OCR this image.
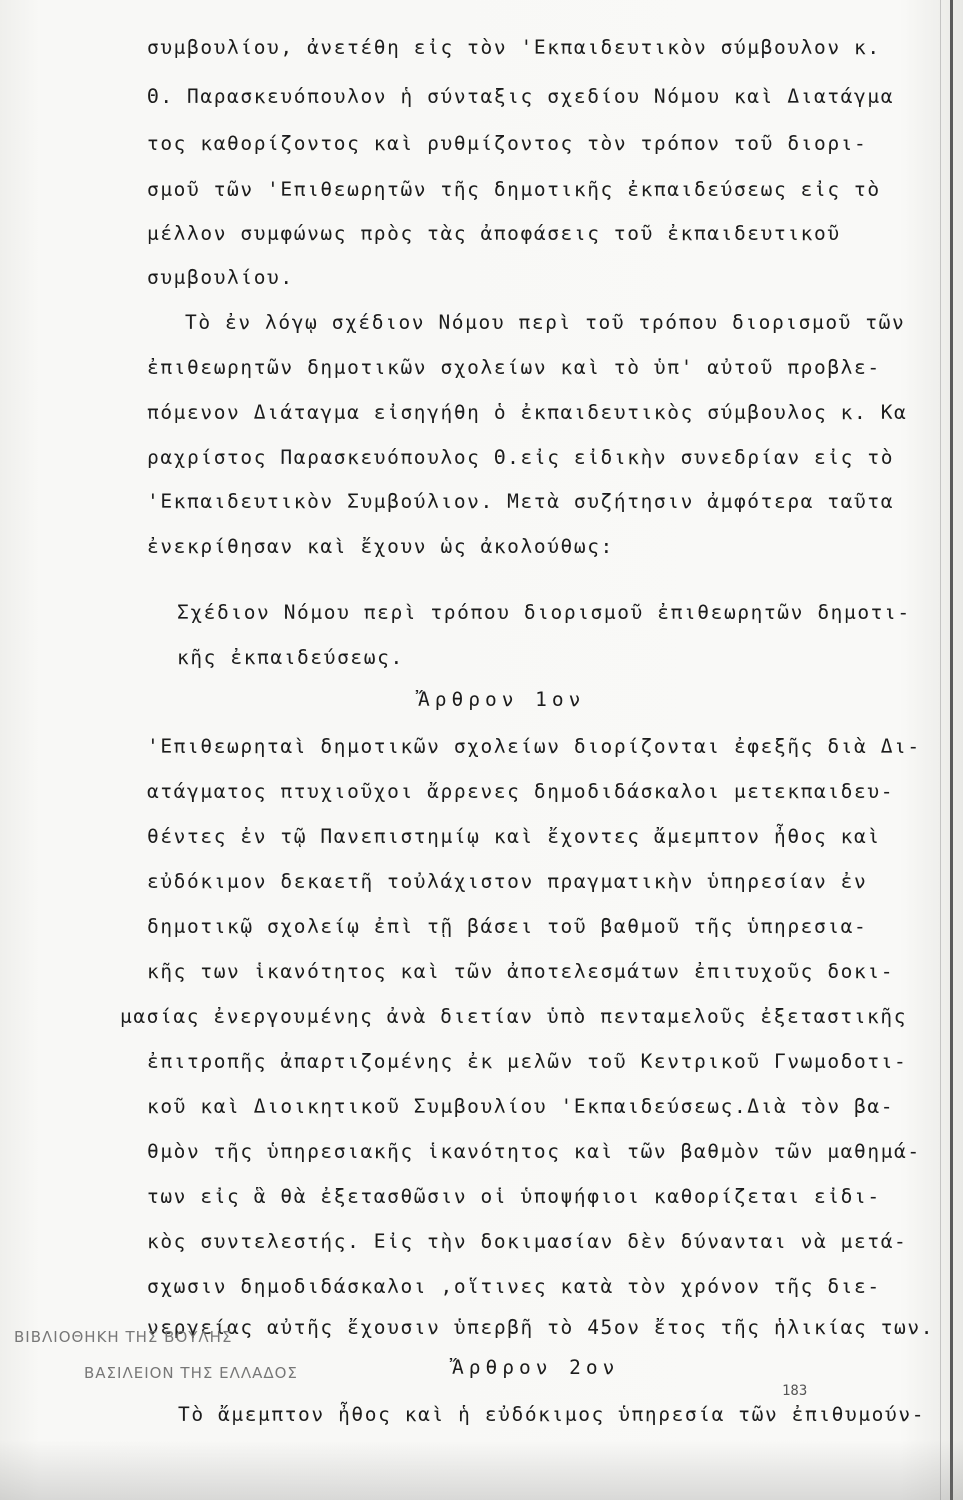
συμβουλίου, ἀνετέθη εἰς τὸν 'Εκπαιδευτικὸν σύμβουλον κ.
Θ. Παρασκευόπουλον ἡ σύνταξις σχεδίου Νόμου καὶ Διατάγμα
τος καθορίζοντος καὶ ρυθμίζοντος τὸν τρόπον τοῦ διορι-
σμοῦ τῶν 'Επιθεωρητῶν τῆς δημοτικῆς ἐκπαιδεύσεως εἰς τὸ
μέλλον συμφώνως πρὸς τὰς ἀποφάσεις τοῦ ἐκπαιδευτικοῦ
συμβουλίου.
Τὸ ἐν λόγῳ σχέδιον Νόμου περὶ τοῦ τρόπου διορισμοῦ τῶν
ἐπιθεωρητῶν δημοτικῶν σχολείων καὶ τὸ ὑπ' αὐτοῦ προβλε-
πόμενον Διάταγμα εἰσηγήθη ὁ ἐκπαιδευτικὸς σύμβουλος κ. Κα
ραχρίστος Παρασκευόπουλος Θ.εἰς εἰδικὴν συνεδρίαν εἰς τὸ
'Εκπαιδευτικὸν Συμβούλιον. Μετὰ συζήτησιν ἀμφότερα ταῦτα
ἐνεκρίθησαν καὶ ἔχουν ὡς ἀκολούθως:
Σχέδιον Νόμου περὶ τρόπου διορισμοῦ ἐπιθεωρητῶν δημοτι-
κῆς ἐκπαιδεύσεως.
Ἄρθρον 1ον
'Επιθεωρηταὶ δημοτικῶν σχολείων διορίζονται ἐφεξῆς διὰ Δι-
ατάγματος πτυχιοῦχοι ἄρρενες δημοδιδάσκαλοι μετεκπαιδευ-
θέντες ἐν τῷ Πανεπιστημίῳ καὶ ἔχοντες ἄμεμπτον ἦθος καὶ
εὐδόκιμον δεκαετῆ τοὐλάχιστον πραγματικὴν ὑπηρεσίαν ἐν
δημοτικῷ σχολείῳ ἐπὶ τῇ βάσει τοῦ βαθμοῦ τῆς ὑπηρεσια-
κῆς των ἱκανότητος καὶ τῶν ἀποτελεσμάτων ἐπιτυχοῦς δοκι-
μασίας ἐνεργουμένης ἀνὰ διετίαν ὑπὸ πενταμελοῦς ἐξεταστικῆς
ἐπιτροπῆς ἀπαρτιζομένης ἐκ μελῶν τοῦ Κεντρικοῦ Γνωμοδοτι-
κοῦ καὶ Διοικητικοῦ Συμβουλίου 'Εκπαιδεύσεως.Διὰ τὸν βα-
θμὸν τῆς ὑπηρεσιακῆς ἱκανότητος καὶ τῶν βαθμὸν τῶν μαθημά-
των εἰς ἃ θὰ ἐξετασθῶσιν οἱ ὑποψήφιοι καθορίζεται εἰδι-
κὸς συντελεστής. Εἰς τὴν δοκιμασίαν δὲν δύνανται νὰ μετά-
σχωσιν δημοδιδάσκαλοι ,οἵτινες κατὰ τὸν χρόνον τῆς διε-
νεργείας αὐτῆς ἔχουσιν ὑπερβῆ τὸ 45ον ἔτος τῆς ἡλικίας των.
Ἄρθρον 2ον
ΒΙΒΛΙΟΘΗΚΗ ΤΗΣ ΒΟΥΛΗΣ
ΒΑΣΙΛΕΙΟΝ ΤΗΣ ΕΛΛΑΔΟΣ
183
Τὸ ἄμεμπτον ἦθος καὶ ἡ εὐδόκιμος ὑπηρεσία τῶν ἐπιθυμούν-
